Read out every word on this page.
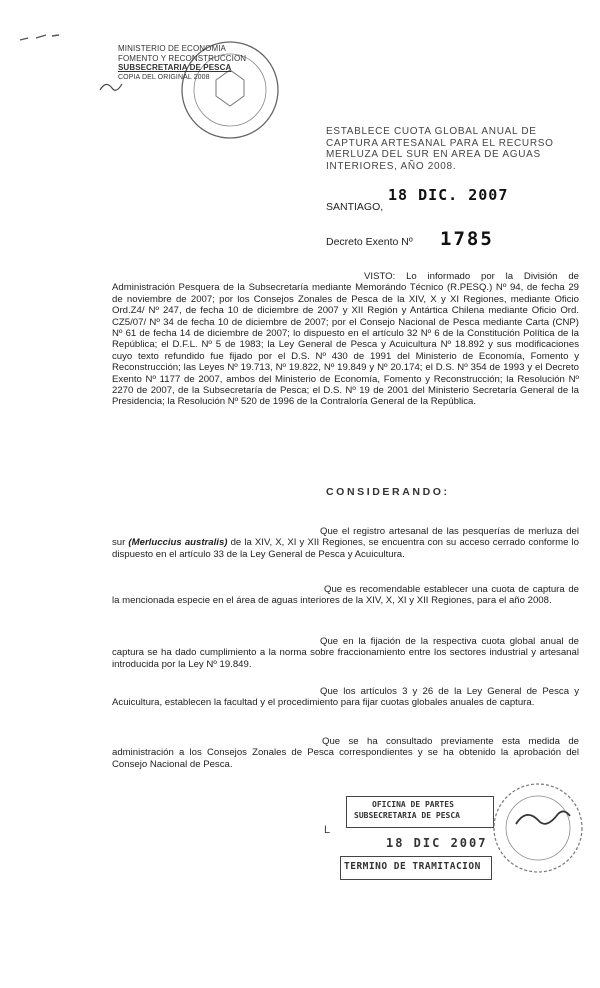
MINISTERIO DE ECONOMIA
FOMENTO Y RECONSTRUCCION
SUBSECRETARIA DE PESCA
COPIA DEL ORIGINAL 2008
ESTABLECE CUOTA GLOBAL ANUAL DE
CAPTURA ARTESANAL PARA EL RECURSO
MERLUZA DEL SUR EN AREA DE AGUAS
INTERIORES, AÑO 2008.
18 DIC. 2007
SANTIAGO,
Decreto Exento Nº 1785
VISTO: Lo informado por la División de Administración Pesquera de la Subsecretaría mediante Memorándo Técnico (R.PESQ.) Nº 94, de fecha 29 de noviembre de 2007; por los Consejos Zonales de Pesca de la XIV, X y XI Regiones, mediante Oficio Ord.Z4/ Nº 247, de fecha 10 de diciembre de 2007 y XII Región y Antártica Chilena mediante Oficio Ord. CZ5/07/ Nº 34 de fecha 10 de diciembre de 2007; por el Consejo Nacional de Pesca mediante Carta (CNP) Nº 61 de fecha 14 de diciembre de 2007; lo dispuesto en el artículo 32 Nº 6 de la Constitución Política de la República; el D.F.L. Nº 5 de 1983; la Ley General de Pesca y Acuicultura Nº 18.892 y sus modificaciones cuyo texto refundido fue fijado por el D.S. Nº 430 de 1991 del Ministerio de Economía, Fomento y Reconstrucción; las Leyes Nº 19.713, Nº 19.822, Nº 19.849 y Nº 20.174; el D.S. Nº 354 de 1993 y el Decreto Exento Nº 1177 de 2007, ambos del Ministerio de Economía, Fomento y Reconstrucción; la Resolución Nº 2270 de 2007, de la Subsecretaría de Pesca; el D.S. Nº 19 de 2001 del Ministerio Secretaría General de la Presidencia; la Resolución Nº 520 de 1996 de la Contraloría General de la República.
CONSIDERANDO:
Que el registro artesanal de las pesquerías de merluza del sur (Merluccius australis) de la XIV, X, XI y XII Regiones, se encuentra con su acceso cerrado conforme lo dispuesto en el artículo 33 de la Ley General de Pesca y Acuicultura.
Que es recomendable establecer una cuota de captura de la mencionada especie en el área de aguas interiores de la XIV, X, XI y XII Regiones, para el año 2008.
Que en la fijación de la respectiva cuota global anual de captura se ha dado cumplimiento a la norma sobre fraccionamiento entre los sectores industrial y artesanal introducida por la Ley Nº 19.849.
Que los artículos 3 y 26 de la Ley General de Pesca y Acuicultura, establecen la facultad y el procedimiento para fijar cuotas globales anuales de captura.
Que se ha consultado previamente esta medida de administración a los Consejos Zonales de Pesca correspondientes y se ha obtenido la aprobación del Consejo Nacional de Pesca.
L
OFICINA DE PARTES
SUBSECRETARIA DE PESCA
18 DIC 2007
TERMINO DE TRAMITACION
